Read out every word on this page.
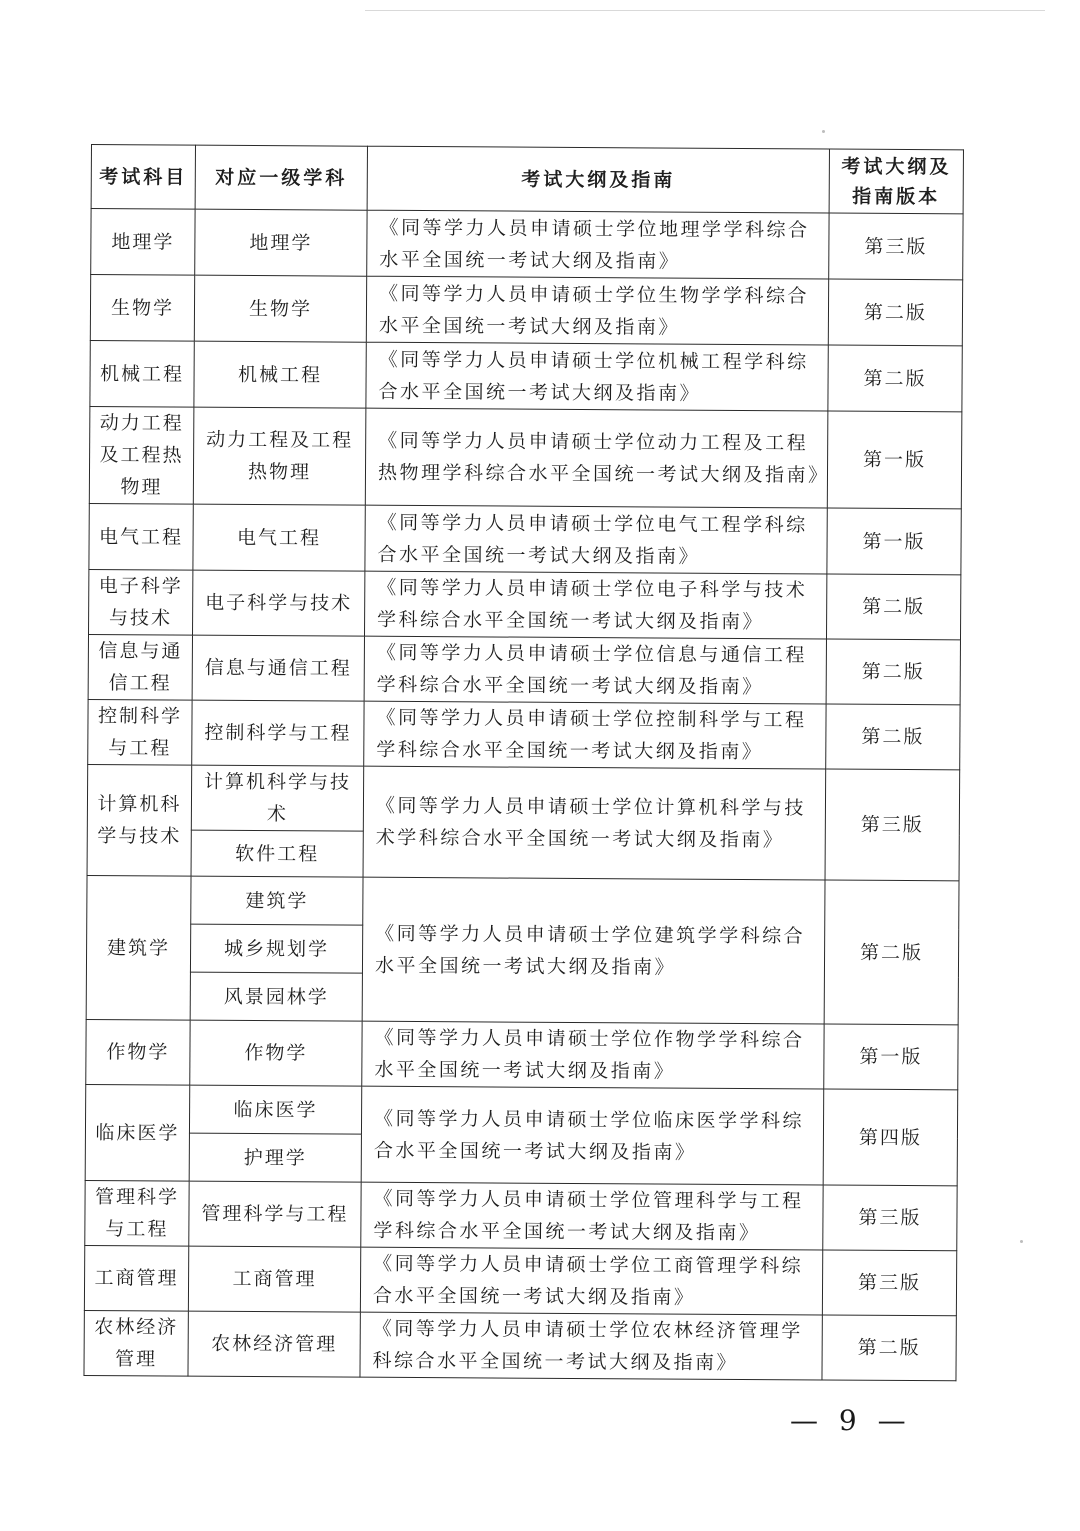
考试科目	对应一级学科	考试大纲及指南	考试大纲及指南版本
地理学	地理学	《同等学力人员申请硕士学位地理学学科综合水平全国统一考试大纲及指南》	第三版
生物学	生物学	《同等学力人员申请硕士学位生物学学科综合水平全国统一考试大纲及指南》	第二版
机械工程	机械工程	《同等学力人员申请硕士学位机械工程学科综合水平全国统一考试大纲及指南》	第二版
动力工程及工程热物理	动力工程及工程热物理	《同等学力人员申请硕士学位动力工程及工程热物理学科综合水平全国统一考试大纲及指南》	第一版
电气工程	电气工程	《同等学力人员申请硕士学位电气工程学科综合水平全国统一考试大纲及指南》	第一版
电子科学与技术	电子科学与技术	《同等学力人员申请硕士学位电子科学与技术学科综合水平全国统一考试大纲及指南》	第二版
信息与通信工程	信息与通信工程	《同等学力人员申请硕士学位信息与通信工程学科综合水平全国统一考试大纲及指南》	第二版
控制科学与工程	控制科学与工程	《同等学力人员申请硕士学位控制科学与工程学科综合水平全国统一考试大纲及指南》	第二版
计算机科学与技术	计算机科学与技术	《同等学力人员申请硕士学位计算机科学与技术学科综合水平全国统一考试大纲及指南》	第三版
	软件工程		
建筑学	建筑学	《同等学力人员申请硕士学位建筑学学科综合水平全国统一考试大纲及指南》	第二版
	城乡规划学		
	风景园林学		
作物学	作物学	《同等学力人员申请硕士学位作物学学科综合水平全国统一考试大纲及指南》	第一版
临床医学	临床医学	《同等学力人员申请硕士学位临床医学学科综合水平全国统一考试大纲及指南》	第四版
	护理学		
管理科学与工程	管理科学与工程	《同等学力人员申请硕士学位管理科学与工程学科综合水平全国统一考试大纲及指南》	第三版
工商管理	工商管理	《同等学力人员申请硕士学位工商管理学科综合水平全国统一考试大纲及指南》	第三版
农林经济管理	农林经济管理	《同等学力人员申请硕士学位农林经济管理学科综合水平全国统一考试大纲及指南》	第二版
— 9 —
